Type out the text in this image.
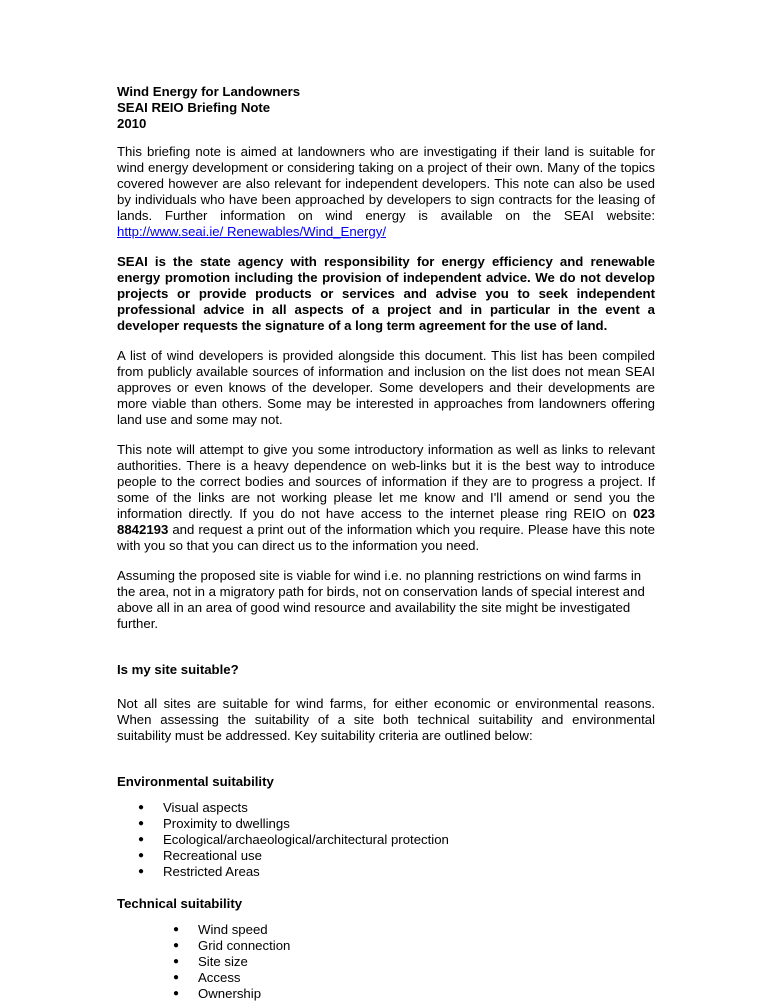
Wind Energy for Landowners
SEAI REIO Briefing Note
2010

This briefing note is aimed at landowners who are investigating if their land is suitable for wind energy development or considering taking on a project of their own. Many of the topics covered however are also relevant for independent developers. This note can also be used by individuals who have been approached by developers to sign contracts for the leasing of lands. Further information on wind energy is available on the SEAI website: http://www.seai.ie/ Renewables/Wind_Energy/

SEAI is the state agency with responsibility for energy efficiency and renewable energy promotion including the provision of independent advice. We do not develop projects or provide products or services and advise you to seek independent professional advice in all aspects of a project and in particular in the event a developer requests the signature of a long term agreement for the use of land.

A list of wind developers is provided alongside this document. This list has been compiled from publicly available sources of information and inclusion on the list does not mean SEAI approves or even knows of the developer. Some developers and their developments are more viable than others. Some may be interested in approaches from landowners offering land use and some may not.

This note will attempt to give you some introductory information as well as links to relevant authorities. There is a heavy dependence on web-links but it is the best way to introduce people to the correct bodies and sources of information if they are to progress a project. If some of the links are not working please let me know and I'll amend or send you the information directly. If you do not have access to the internet please ring REIO on 023 8842193 and request a print out of the information which you require. Please have this note with you so that you can direct us to the information you need.

Assuming the proposed site is viable for wind i.e. no planning restrictions on wind farms in the area, not in a migratory path for birds, not on conservation lands of special interest and above all in an area of good wind resource and availability the site might be investigated further.

Is my site suitable?

Not all sites are suitable for wind farms, for either economic or environmental reasons. When assessing the suitability of a site both technical suitability and environmental suitability must be addressed. Key suitability criteria are outlined below:

Environmental suitability
● Visual aspects
● Proximity to dwellings
● Ecological/archaeological/architectural protection
● Recreational use
● Restricted Areas
Technical suitability
● Wind speed
● Grid connection
● Site size
● Access
● Ownership
